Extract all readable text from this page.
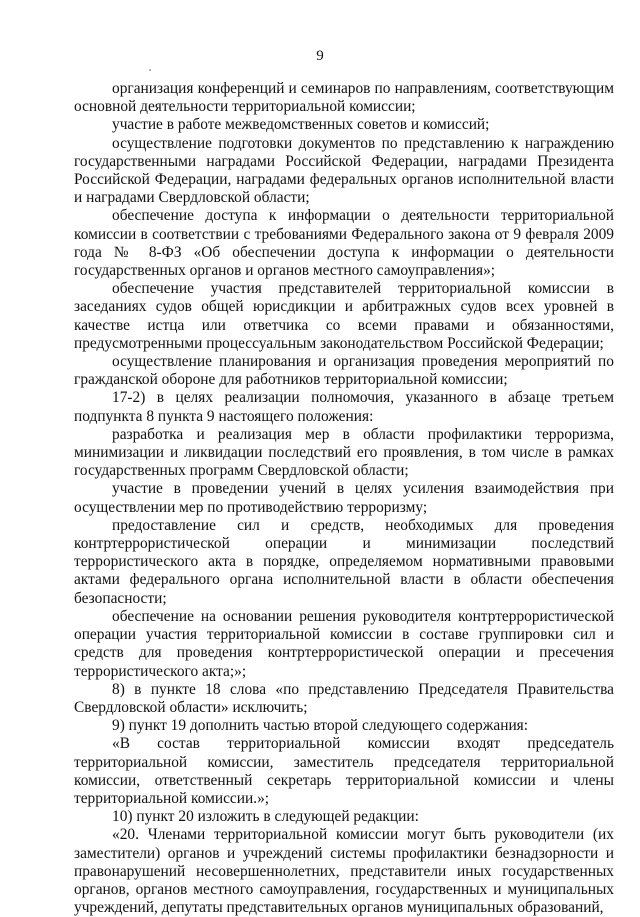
9

организация конференций и семинаров по направлениям, соответствующим основной деятельности территориальной комиссии;

участие в работе межведомственных советов и комиссий;

осуществление подготовки документов по представлению к награждению государственными наградами Российской Федерации, наградами Президента Российской Федерации, наградами федеральных органов исполнительной власти и наградами Свердловской области;

обеспечение доступа к информации о деятельности территориальной комиссии в соответствии с требованиями Федерального закона от 9 февраля 2009 года № 8-ФЗ «Об обеспечении доступа к информации о деятельности государственных органов и органов местного самоуправления»;

обеспечение участия представителей территориальной комиссии в заседаниях судов общей юрисдикции и арбитражных судов всех уровней в качестве истца или ответчика со всеми правами и обязанностями, предусмотренными процессуальным законодательством Российской Федерации;

осуществление планирования и организация проведения мероприятий по гражданской обороне для работников территориальной комиссии;

17-2) в целях реализации полномочия, указанного в абзаце третьем подпункта 8 пункта 9 настоящего положения:

разработка и реализация мер в области профилактики терроризма, минимизации и ликвидации последствий его проявления, в том числе в рамках государственных программ Свердловской области;

участие в проведении учений в целях усиления взаимодействия при осуществлении мер по противодействию терроризму;

предоставление сил и средств, необходимых для проведения контртеррористической операции и минимизации последствий террористического акта в порядке, определяемом нормативными правовыми актами федерального органа исполнительной власти в области обеспечения безопасности;

обеспечение на основании решения руководителя контртеррористической операции участия территориальной комиссии в составе группировки сил и средств для проведения контртеррористической операции и пресечения террористического акта;»;

8) в пункте 18 слова «по представлению Председателя Правительства Свердловской области» исключить;

9) пункт 19 дополнить частью второй следующего содержания:

«В состав территориальной комиссии входят председатель территориальной комиссии, заместитель председателя территориальной комиссии, ответственный секретарь территориальной комиссии и члены территориальной комиссии.»;

10) пункт 20 изложить в следующей редакции:

«20. Членами территориальной комиссии могут быть руководители (их заместители) органов и учреждений системы профилактики безнадзорности и правонарушений несовершеннолетних, представители иных государственных органов, органов местного самоуправления, государственных и муниципальных учреждений, депутаты представительных органов муниципальных образований,
